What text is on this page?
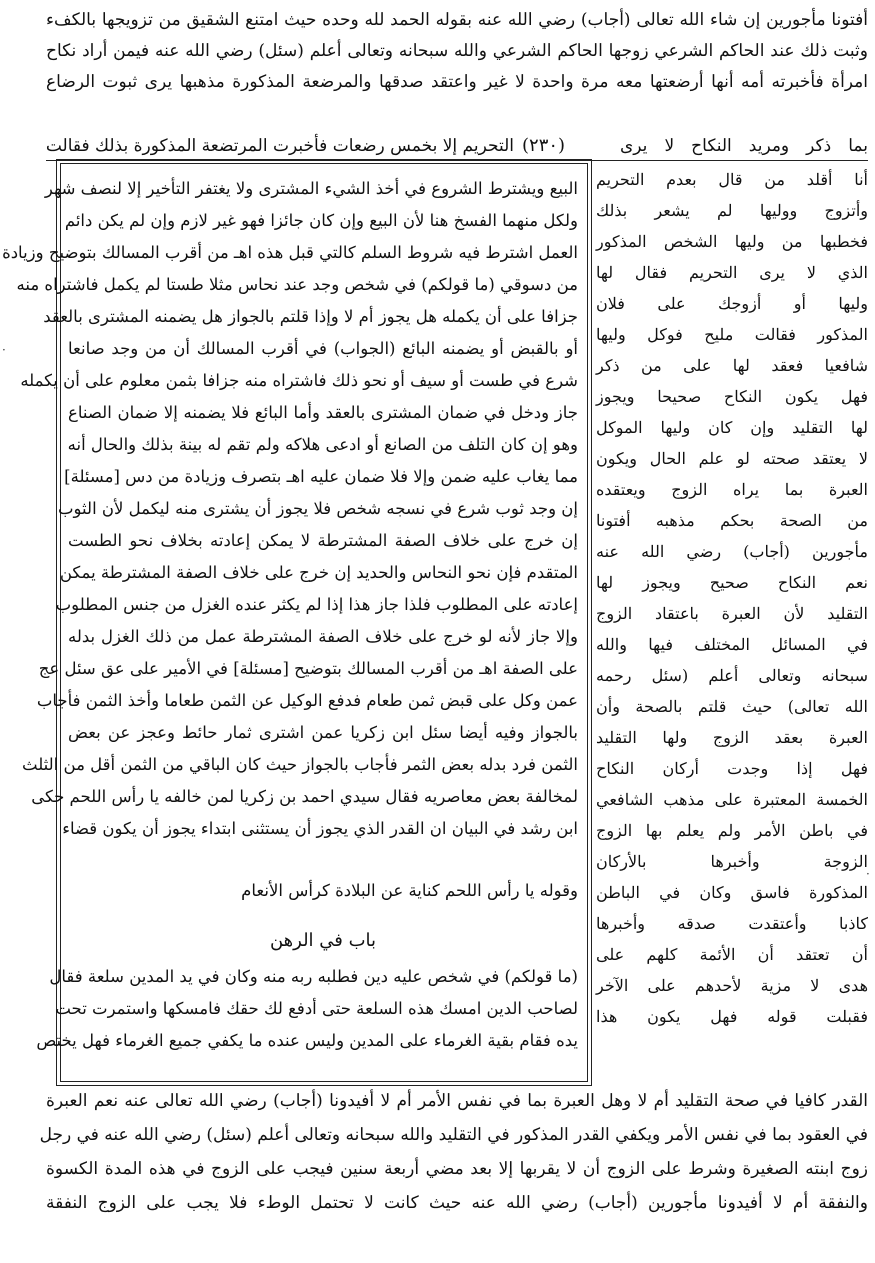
أفتونا مأجورين إن شاء الله تعالى (أجاب) رضي الله عنه بقوله الحمد لله وحده حيث امتنع الشقيق من تزويجها بالكفء
وثبت ذلك عند الحاكم الشرعي زوجها الحاكم الشرعي والله سبحانه وتعالى أعلم (سئل) رضي الله عنه فيمن أراد نكاح
امرأة فأخبرته أمه أنها أرضعتها معه مرة واحدة لا غير واعتقد صدقها والمرضعة المذكورة مذهبها يرى ثبوت الرضاع
بما ذكر ومريد النكاح لا يرى
(٢٣٠)
التحريم إلا بخمس رضعات فأخبرت المرتضعة المذكورة بذلك فقالت
أنا أقلد من قال بعدم التحريم
وأتزوج ووليها لم يشعر بذلك
فخطبها من وليها الشخص المذكور
الذي لا يرى التحريم فقال لها
وليها أو أزوجك على فلان
المذكور فقالت مليح فوكل وليها
شافعيا فعقد لها على من ذكر
فهل يكون النكاح صحيحا ويجوز
لها التقليد وإن كان وليها الموكل
لا يعتقد صحته لو علم الحال ويكون
العبرة بما يراه الزوج ويعتقده
من الصحة بحكم مذهبه أفتونا
مأجورين (أجاب) رضي الله عنه
نعم النكاح صحيح ويجوز لها
التقليد لأن العبرة باعتقاد الزوج
في المسائل المختلف فيها والله
سبحانه وتعالى أعلم (سئل رحمه
الله تعالى) حيث قلتم بالصحة وأن
العبرة بعقد الزوج ولها التقليد
فهل إذا وجدت أركان النكاح
الخمسة المعتبرة على مذهب الشافعي
في باطن الأمر ولم يعلم بها الزوج
الزوجة وأخبرها بالأركان
المذكورة فاسق وكان في الباطن
كاذبا وأعتقدت صدقه وأخبرها
أن تعتقد أن الأئمة كلهم على
هدى لا مزية لأحدهم على الآخر
فقبلت قوله فهل يكون هذا
البيع ويشترط الشروع في أخذ الشيء المشترى ولا يغتفر التأخير إلا لنصف شهر
ولكل منهما الفسخ هنا لأن البيع وإن كان جائزا فهو غير لازم وإن لم يكن دائم
العمل اشترط فيه شروط السلم كالتي قبل هذه اهـ من أقرب المسالك بتوضيح وزيادة
من دسوقي (ما قولكم) في شخص وجد عند نحاس مثلا طستا لم يكمل فاشتراه منه
جزافا على أن يكمله هل يجوز أم لا وإذا قلتم بالجواز هل يضمنه المشترى بالعقد
أو بالقبض أو يضمنه البائع (الجواب) في أقرب المسالك أن من وجد صانعا
شرع في طست أو سيف أو نحو ذلك فاشتراه منه جزافا بثمن معلوم على أن يكمله
جاز ودخل في ضمان المشترى بالعقد وأما البائع فلا يضمنه إلا ضمان الصناع
وهو إن كان التلف من الصانع أو ادعى هلاكه ولم تقم له بينة بذلك والحال أنه
مما يغاب عليه ضمن وإلا فلا ضمان عليه اهـ بتصرف وزيادة من دس [مسئلة]
إن وجد ثوب شرع في نسجه شخص فلا يجوز أن يشترى منه ليكمل لأن الثوب
إن خرج على خلاف الصفة المشترطة لا يمكن إعادته بخلاف نحو الطست
المتقدم فإن نحو النحاس والحديد إن خرج على خلاف الصفة المشترطة يمكن
إعادته على المطلوب فلذا جاز هذا إذا لم يكثر عنده الغزل من جنس المطلوب
وإلا جاز لأنه لو خرج على خلاف الصفة المشترطة عمل من ذلك الغزل بدله
على الصفة اهـ من أقرب المسالك بتوضيح [مسئلة] في الأمير على عق سئل عج
عمن وكل على قبض ثمن طعام فدفع الوكيل عن الثمن طعاما وأخذ الثمن فأجاب
بالجواز وفيه أيضا سئل ابن زكريا عمن اشترى ثمار حائط وعجز عن بعض
الثمن فرد بدله بعض الثمر فأجاب بالجواز حيث كان الباقي من الثمن أقل من الثلث
لمخالفة بعض معاصريه فقال سيدي احمد بن زكريا لمن خالفه يا رأس اللحم حكى
ابن رشد في البيان ان القدر الذي يجوز أن يستثنى ابتداء يجوز أن يكون قضاء
وقوله يا رأس اللحم كناية عن البلادة كرأس الأنعام
باب في الرهن
(ما قولكم) في شخص عليه دين فطلبه ربه منه وكان في يد المدين سلعة فقال
لصاحب الدين امسك هذه السلعة حتى أدفع لك حقك فامسكها واستمرت تحت
يده فقام بقية الغرماء على المدين وليس عنده ما يكفي جميع الغرماء فهل يختص
القدر كافيا في صحة التقليد أم لا وهل العبرة بما في نفس الأمر أم لا أفيدونا (أجاب) رضي الله تعالى عنه نعم العبرة
في العقود بما في نفس الأمر ويكفي القدر المذكور في التقليد والله سبحانه وتعالى أعلم (سئل) رضي الله عنه في رجل
زوج ابنته الصغيرة وشرط على الزوج أن لا يقربها إلا بعد مضي أربعة سنين فيجب على الزوج في هذه المدة الكسوة
والنفقة أم لا أفيدونا مأجورين (أجاب) رضي الله عنه حيث كانت لا تحتمل الوطء فلا يجب على الزوج النفقة
·
·
